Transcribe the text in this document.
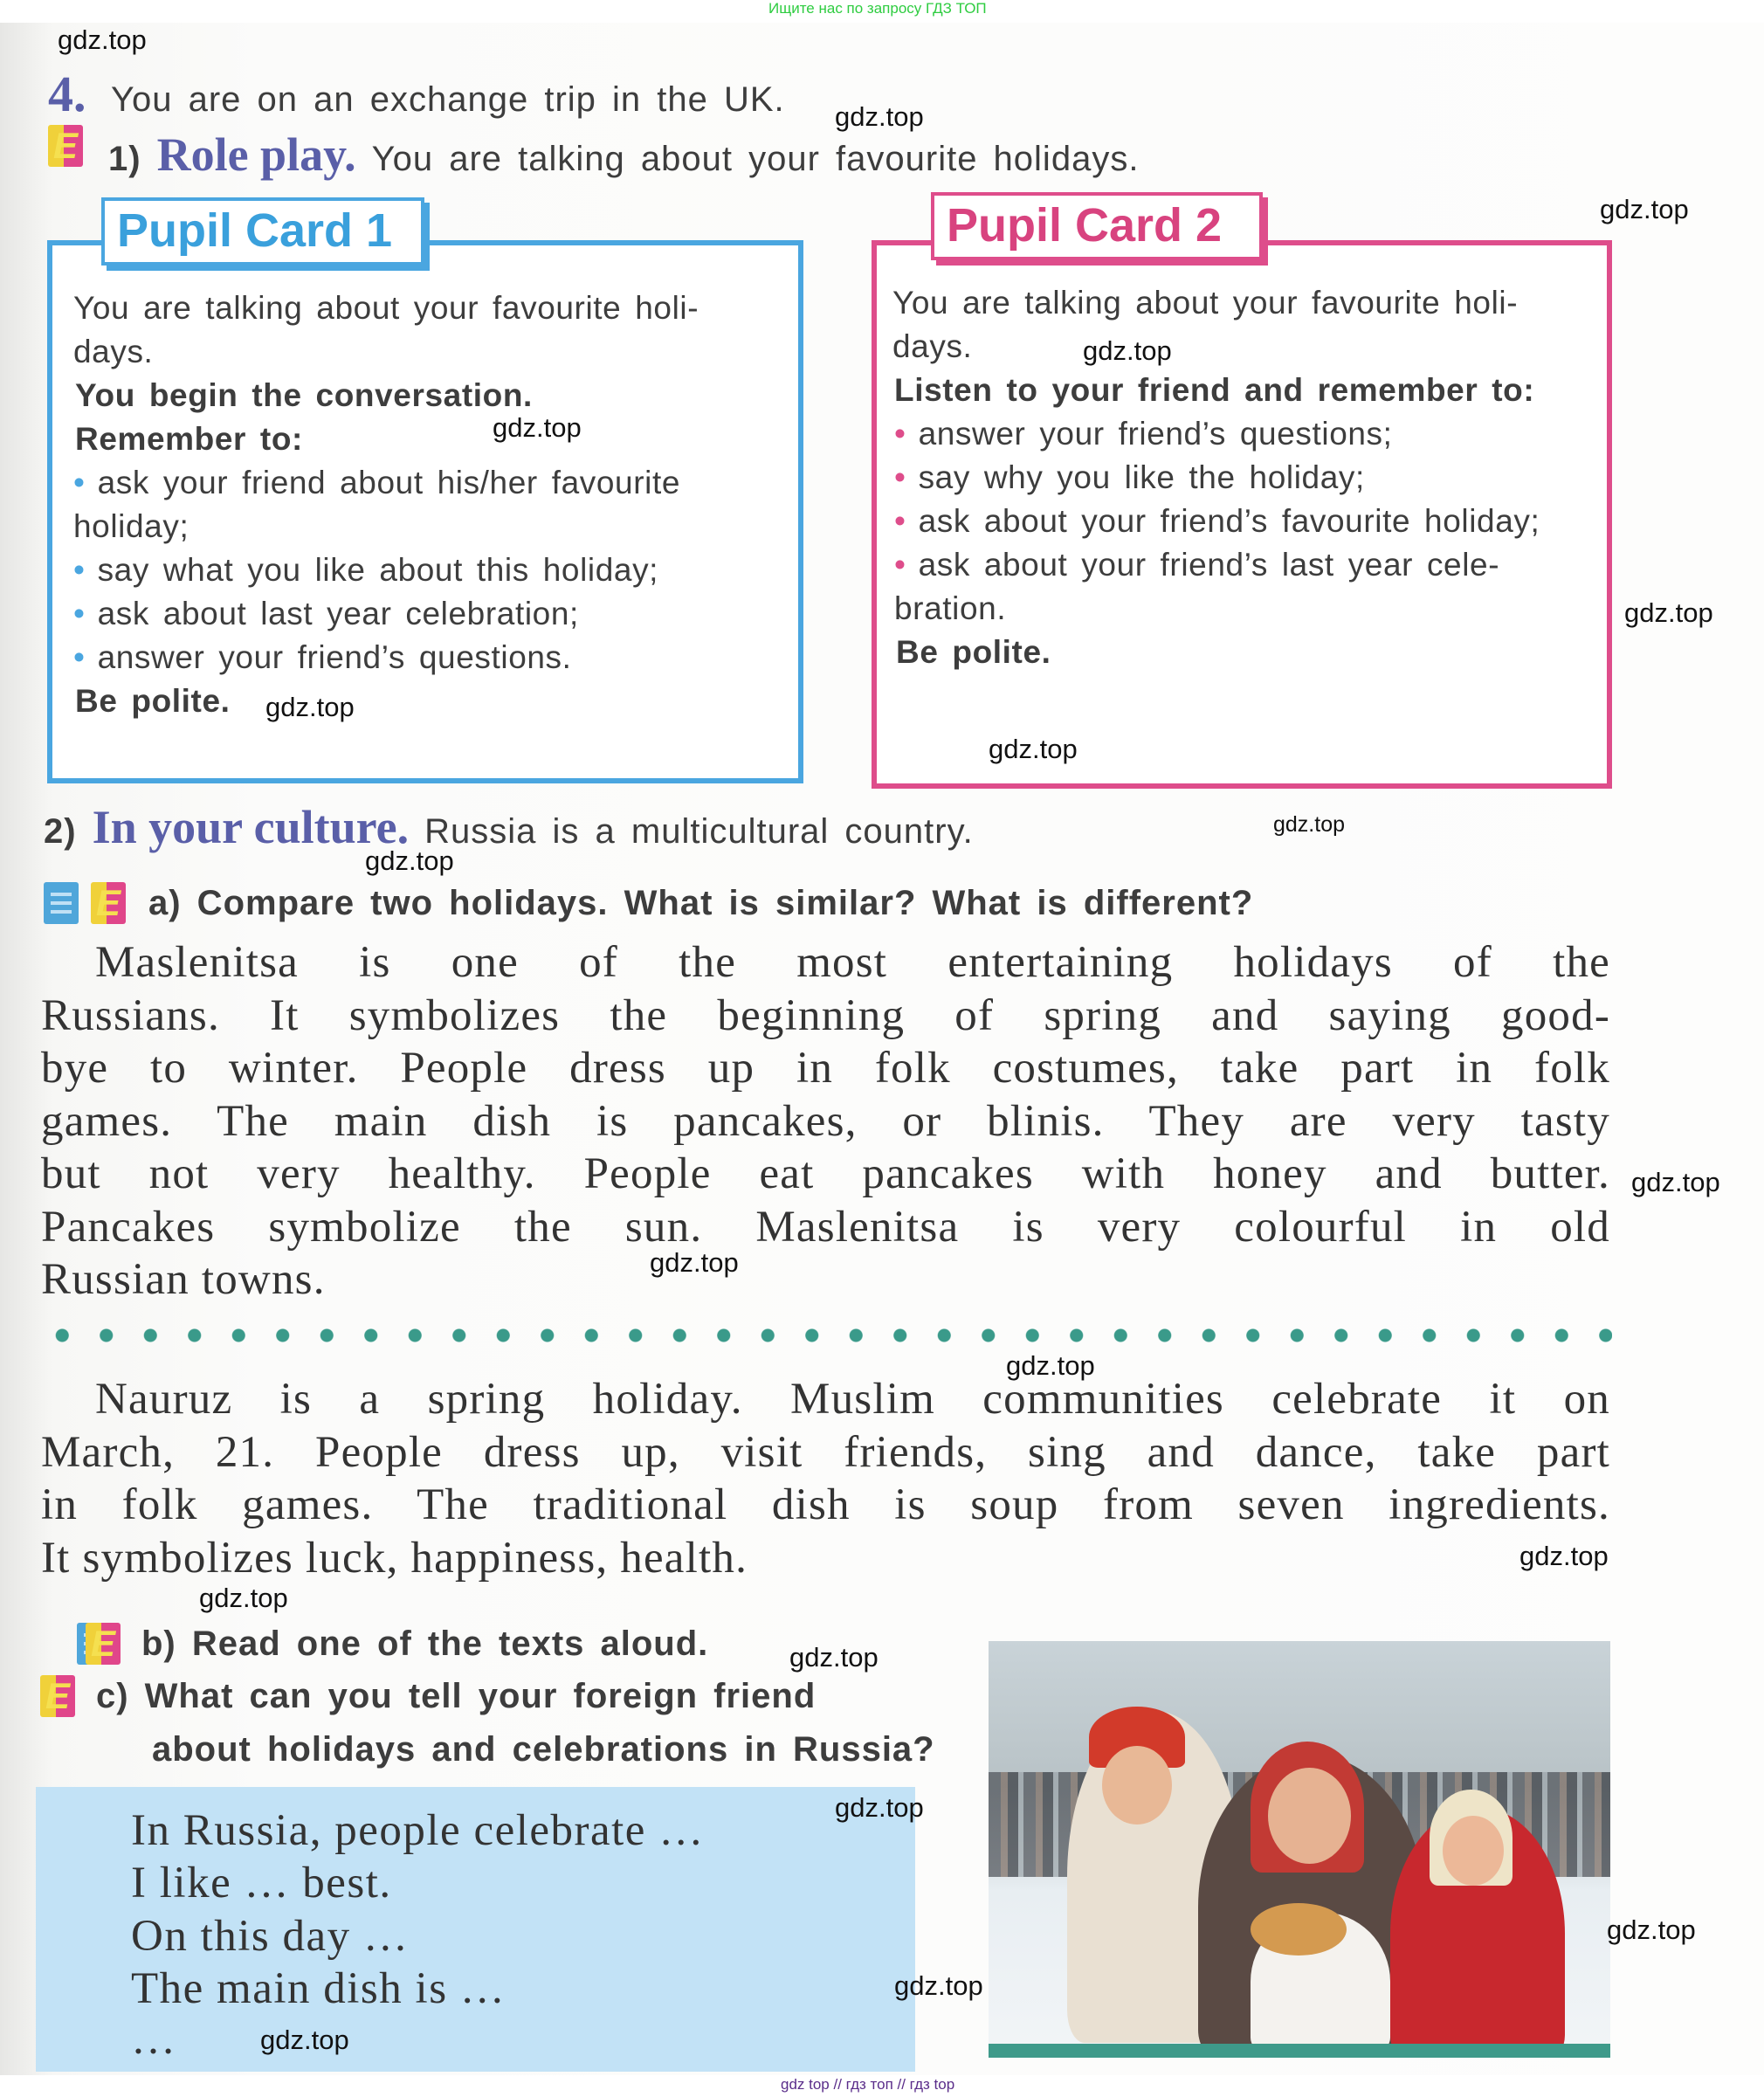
Ищите нас по запросу ГДЗ ТОП
4. You are on an exchange trip in the UK.
E 1) Role play. You are talking about your favourite holidays.
Pupil Card 1
You are talking about your favourite holi-
days.
You begin the conversation.
Remember to:
• ask your friend about his/her favourite
holiday;
• say what you like about this holiday;
• ask about last year celebration;
• answer your friend’s questions.
Be polite.
Pupil Card 2
You are talking about your favourite holi-
days.
Listen to your friend and remember to:
• answer your friend’s questions;
• say why you like the holiday;
• ask about your friend’s favourite holiday;
• ask about your friend’s last year cele-
bration.
Be polite.
2) In your culture. Russia is a multicultural country.

E a) Compare two holidays. What is similar? What is different?
Maslenitsa is one of the most entertaining holidays of the
Russians. It symbolizes the beginning of spring and saying good-
bye to winter. People dress up in folk costumes, take part in folk
games. The main dish is pancakes, or blinis. They are very tasty
but not very healthy. People eat pancakes with honey and butter.
Pancakes symbolize the sun. Maslenitsa is very colourful in old
Russian towns.
Nauruz is a spring holiday. Muslim communities celebrate it on
March, 21. People dress up, visit friends, sing and dance, take part
in folk games. The traditional dish is soup from seven ingredients.
It symbolizes luck, happiness, health.
E b) Read one of the texts aloud.
E c) What can you tell your foreign friend
about holidays and celebrations in Russia?
In Russia, people celebrate …
I like … best.
On this day …
The main dish is …
…
gdz.top
gdz.top
gdz.top
gdz.top
gdz.top
gdz.top
gdz.top
gdz.top
gdz.top
gdz.top
gdz.top
gdz.top
gdz.top
gdz.top
gdz.top
gdz.top
gdz.top
gdz.top
gdz.top
gdz.top
gdz top // гдз топ // гдз top
